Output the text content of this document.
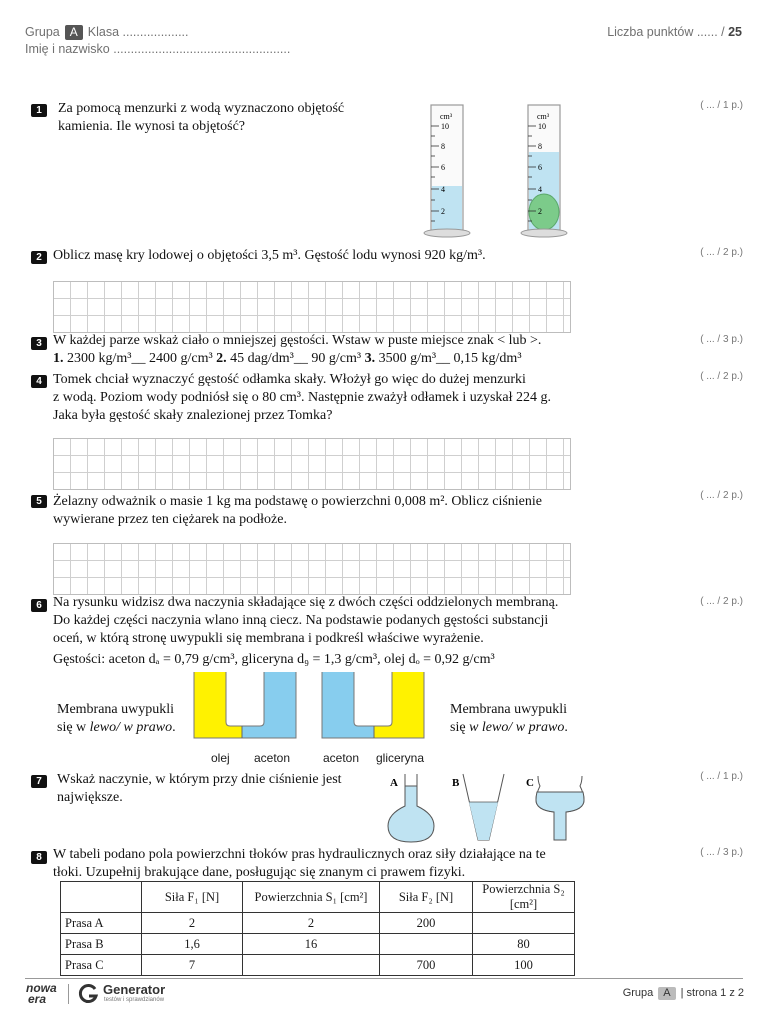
Grupa A Klasa ...................
Imię i nazwisko ...................................................
Liczba punktów ...... / 25
1	Za pomocą menzurki z wodą wyznaczono objętość
kamienia. Ile wynosi ta objętość?
( ... / 1 p.)
cm³
10
8
6
4
2
cm³
10
8
6
4
2
2 Oblicz masę kry lodowej o objętości 3,5 m³. Gęstość lodu wynosi 920 kg/m³.	( ... / 2 p.)
3 W każdej parze wskaż ciało o mniejszej gęstości. Wstaw w puste miejsce znak < lub >.
1. 2300 kg/m³__ 2400 g/cm³ 2. 45 dag/dm³__ 90 g/cm³ 3. 3500 g/m³__ 0,15 kg/dm³
( ... / 3 p.)
4 Tomek chciał wyznaczyć gęstość odłamka skały. Włożył go więc do dużej menzurki
z wodą. Poziom wody podniósł się o 80 cm³. Następnie zważył odłamek i uzyskał 224 g.
Jaka była gęstość skały znalezionej przez Tomka?
( ... / 2 p.)
5 Żelazny odważnik o masie 1 kg ma podstawę o powierzchni 0,008 m². Oblicz ciśnienie
wywierane przez ten ciężarek na podłoże.
( ... / 2 p.)
6 Na rysunku widzisz dwa naczynia składające się z dwóch części oddzielonych membraną.
Do każdej części naczynia wlano inną ciecz. Na podstawie podanych gęstości substancji
oceń, w którą stronę uwypukli się membrana i podkreśl właściwe wyrażenie.
Gęstości: aceton dₐ = 0,79 g/cm³, gliceryna d₉ = 1,3 g/cm³, olej dₒ = 0,92 g/cm³
( ... / 2 p.)
Membrana uwypukli
się w lewo/ w prawo.
Membrana uwypukli
się w lewo/ w prawo.
olej aceton	aceton gliceryna
7	Wskaż naczynie, w którym przy dnie ciśnienie jest
największe.
( ... / 1 p.)
A	B	C
8 W tabeli podano pola powierzchni tłoków pras hydraulicznych oraz siły działające na te
tłoki. Uzupełnij brakujące dane, posługując się znanym ci prawem fizyki.
( ... / 3 p.)
	Siła F₁ [N]	Powierzchnia S₁ [cm²]	Siła F₂ [N]	Powierzchnia S₂ [cm²]
Prasa A	2	2	200	
Prasa B	1,6	16		80
Prasa C	7		700	100
nowa
era
Generator
testów i sprawdzianów
Grupa A | strona 1 z 2
